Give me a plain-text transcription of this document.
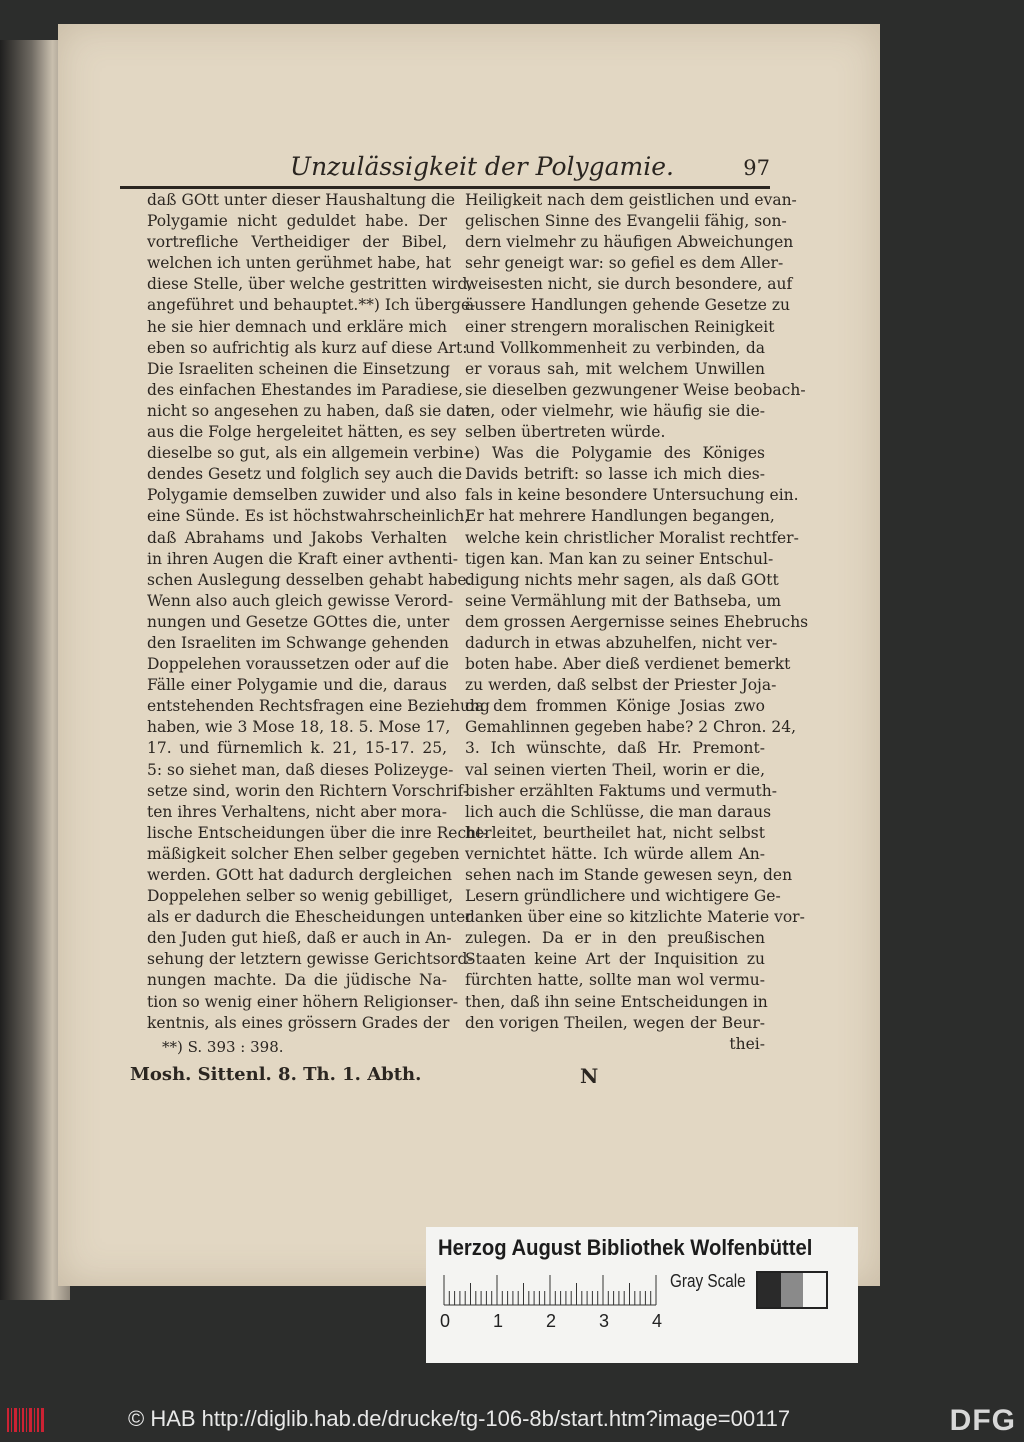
Unzulässigkeit der Polygamie.	97

daß GOtt unter dieser Haushaltung die

Polygamie nicht geduldet habe. Der

vortrefliche Vertheidiger der Bibel,

welchen ich unten gerühmet habe, hat

diese Stelle, über welche gestritten wird,

angeführet und behauptet.**) Ich überge-

he sie hier demnach und erkläre mich

eben so aufrichtig als kurz auf diese Art:

Die Israeliten scheinen die Einsetzung

des einfachen Ehestandes im Paradiese,

nicht so angesehen zu haben, daß sie dar-

aus die Folge hergeleitet hätten, es sey

dieselbe so gut, als ein allgemein verbin-

dendes Gesetz und folglich sey auch die

Polygamie demselben zuwider und also

eine Sünde. Es ist höchstwahrscheinlich,

daß Abrahams und Jakobs Verhalten

in ihren Augen die Kraft einer avthenti-

schen Auslegung desselben gehabt habe.

Wenn also auch gleich gewisse Verord-

nungen und Gesetze GOttes die, unter

den Israeliten im Schwange gehenden

Doppelehen voraussetzen oder auf die

Fälle einer Polygamie und die, daraus

entstehenden Rechtsfragen eine Beziehung

haben, wie 3 Mose 18, 18. 5. Mose 17,

17. und fürnemlich k. 21, 15-17. 25,

5: so siehet man, daß dieses Polizeyge-

setze sind, worin den Richtern Vorschrif-

ten ihres Verhaltens, nicht aber mora-

lische Entscheidungen über die inre Recht-

mäßigkeit solcher Ehen selber gegeben

werden. GOtt hat dadurch dergleichen

Doppelehen selber so wenig gebilliget,

als er dadurch die Ehescheidungen unter

den Juden gut hieß, daß er auch in An-

sehung der letztern gewisse Gerichtsord-

nungen machte. Da die jüdische Na-

tion so wenig einer höhern Religionser-

kentnis, als eines grössern Grades der

Heiligkeit nach dem geistlichen und evan-

gelischen Sinne des Evangelii fähig, son-

dern vielmehr zu häufigen Abweichungen

sehr geneigt war: so gefiel es dem Aller-

weisesten nicht, sie durch besondere, auf

äussere Handlungen gehende Gesetze zu

einer strengern moralischen Reinigkeit

und Vollkommenheit zu verbinden, da

er voraus sah, mit welchem Unwillen

sie dieselben gezwungener Weise beobach-

ten, oder vielmehr, wie häufig sie die-

selben übertreten würde.

e) Was die Polygamie des Königes

Davids betrift: so lasse ich mich dies-

fals in keine besondere Untersuchung ein.

Er hat mehrere Handlungen begangen,

welche kein christlicher Moralist rechtfer-

tigen kan. Man kan zu seiner Entschul-

digung nichts mehr sagen, als daß GOtt

seine Vermählung mit der Bathseba, um

dem grossen Aergernisse seines Ehebruchs

dadurch in etwas abzuhelfen, nicht ver-

boten habe. Aber dieß verdienet bemerkt

zu werden, daß selbst der Priester Joja-

da dem frommen Könige Josias zwo

Gemahlinnen gegeben habe? 2 Chron. 24,

3. Ich wünschte, daß Hr. Premont-

val seinen vierten Theil, worin er die,

bisher erzählten Faktums und vermuth-

lich auch die Schlüsse, die man daraus

herleitet, beurtheilet hat, nicht selbst

vernichtet hätte. Ich würde allem An-

sehen nach im Stande gewesen seyn, den

Lesern gründlichere und wichtigere Ge-

danken über eine so kitzlichte Materie vor-

zulegen. Da er in den preußischen

Staaten keine Art der Inquisition zu

fürchten hatte, sollte man wol vermu-

then, daß ihn seine Entscheidungen in

den vorigen Theilen, wegen der Beur-

thei-

**) S. 393 : 398.
Mosh. Sittenl. 8. Th. 1. Abth.	N
Herzog August Bibliothek Wolfenbüttel
0 1 2 3 4
Gray Scale
© HAB http://diglib.hab.de/drucke/tg-106-8b/start.htm?image=00117	DFG
